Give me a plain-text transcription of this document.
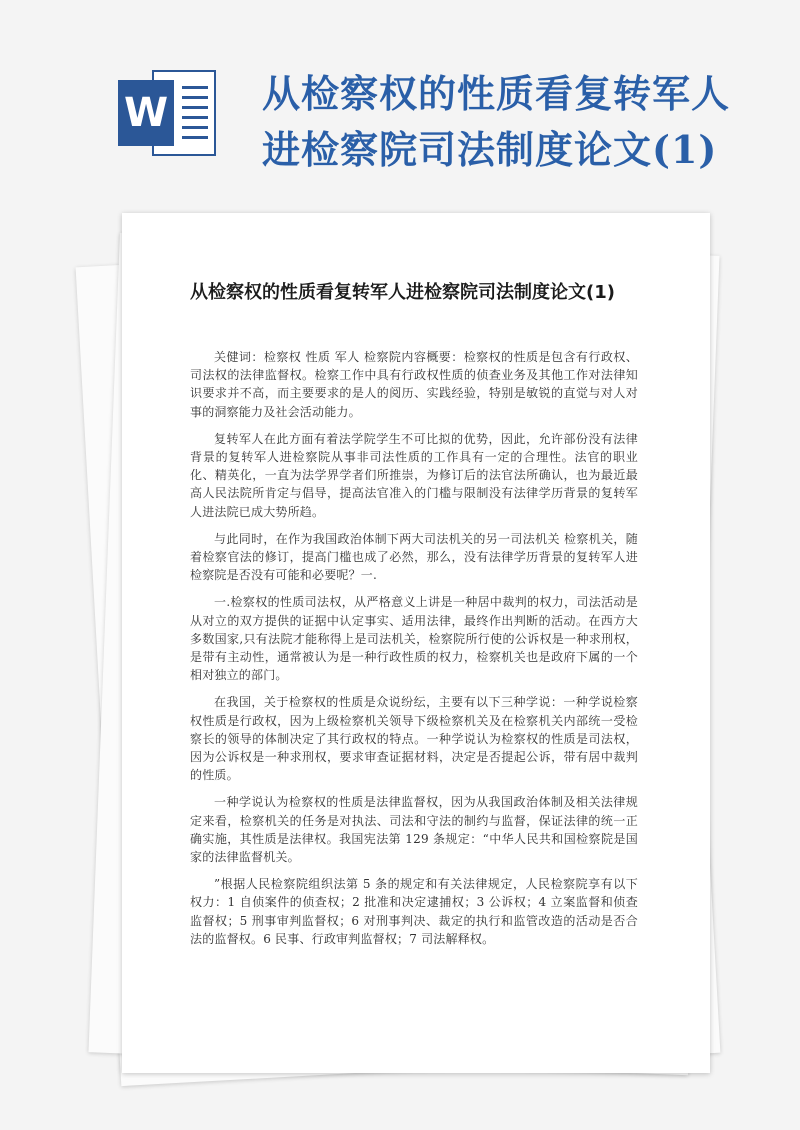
W 从检察权的性质看复转军人进检察院司法制度论文(1)
从检察权的性质看复转军人进检察院司法制度论文(1)

关健词：检察权 性质 军人 检察院内容概要：检察权的性质是包含有行政权、司法权的法律监督权。检察工作中具有行政权性质的侦查业务及其他工作对法律知识要求并不高，而主要要求的是人的阅历、实践经验，特别是敏锐的直觉与对人对事的洞察能力及社会活动能力。

复转军人在此方面有着法学院学生不可比拟的优势，因此，允许部份没有法律背景的复转军人进检察院从事非司法性质的工作具有一定的合理性。法官的职业化、精英化，一直为法学界学者们所推崇，为修订后的法官法所确认，也为最近最高人民法院所肯定与倡导，提高法官准入的门槛与限制没有法律学历背景的复转军人进法院已成大势所趋。

与此同时，在作为我国政治体制下两大司法机关的另一司法机关 检察机关，随着检察官法的修订，提高门槛也成了必然，那么，没有法律学历背景的复转军人进检察院是否没有可能和必要呢？一.

一.检察权的性质司法权，从严格意义上讲是一种居中裁判的权力，司法活动是从对立的双方提供的证据中认定事实、适用法律，最终作出判断的活动。在西方大多数国家,只有法院才能称得上是司法机关，检察院所行使的公诉权是一种求刑权，是带有主动性，通常被认为是一种行政性质的权力，检察机关也是政府下属的一个相对独立的部门。

在我国，关于检察权的性质是众说纷纭，主要有以下三种学说：一种学说检察权性质是行政权，因为上级检察机关领导下级检察机关及在检察机关内部统一受检察长的领导的体制决定了其行政权的特点。一种学说认为检察权的性质是司法权，因为公诉权是一种求刑权，要求审查证据材料，决定是否提起公诉，带有居中裁判的性质。

一种学说认为检察权的性质是法律监督权，因为从我国政治体制及相关法律规定来看，检察机关的任务是对执法、司法和守法的制约与监督，保证法律的统一正确实施，其性质是法律权。我国宪法第 129 条规定：“中华人民共和国检察院是国家的法律监督机关。

”根据人民检察院组织法第 5 条的规定和有关法律规定，人民检察院享有以下权力：1 自侦案件的侦查权；2 批准和决定逮捕权；3 公诉权；4 立案监督和侦查监督权；5 刑事审判监督权；6 对刑事判决、裁定的执行和监管改造的活动是否合法的监督权。6 民事、行政审判监督权；7 司法解释权。
